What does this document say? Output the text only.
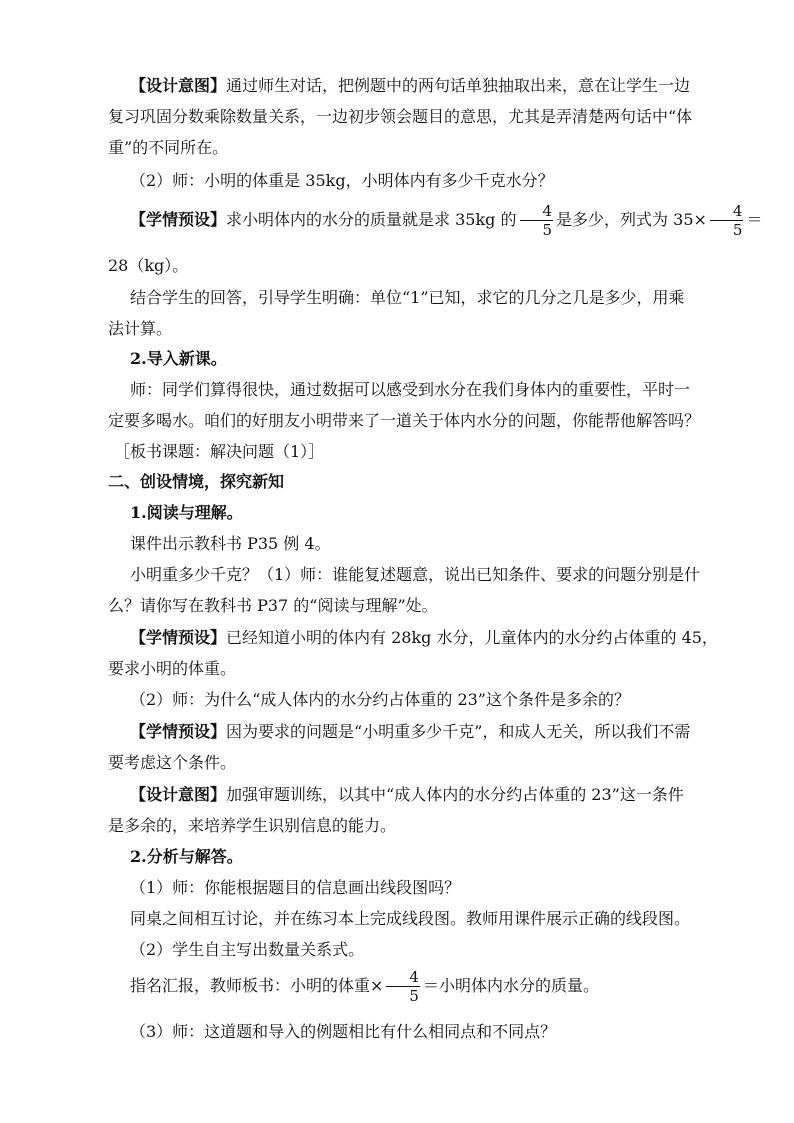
【设计意图】通过师生对话，把例题中的两句话单独抽取出来，意在让学生一边
复习巩固分数乘除数量关系，一边初步领会题目的意思，尤其是弄清楚两句话中“体
重”的不同所在。
（2）师：小明的体重是 35kg，小明体内有多少千克水分？
【学情预设】求小明体内的水分的质量就是求 35kg 的 $\frac{4}{5}$ 是多少，列式为 $35\times \frac{4}{5}$ ＝
28（kg）。
结合学生的回答，引导学生明确：单位“1”已知，求它的几分之几是多少，用乘
法计算。
2.导入新课。
师：同学们算得很快，通过数据可以感受到水分在我们身体内的重要性，平时一
定要多喝水。咱们的好朋友小明带来了一道关于体内水分的问题，你能帮他解答吗？
［板书课题：解决问题（1）］
二、创设情境，探究新知
1.阅读与理解。
课件出示教科书 P35 例 4。
小明重多少千克？（1）师：谁能复述题意，说出已知条件、要求的问题分别是什
么？请你写在教科书 P37 的“阅读与理解”处。
【学情预设】已经知道小明的体内有 28kg 水分，儿童体内的水分约占体重的 45，
要求小明的体重。
（2）师：为什么“成人体内的水分约占体重的 23”这个条件是多余的？
【学情预设】因为要求的问题是“小明重多少千克”，和成人无关，所以我们不需
要考虑这个条件。
【设计意图】加强审题训练，以其中“成人体内的水分约占体重的 23”这一条件
是多余的，来培养学生识别信息的能力。
2.分析与解答。
（1）师：你能根据题目的信息画出线段图吗？
同桌之间相互讨论，并在练习本上完成线段图。教师用课件展示正确的线段图。
（2）学生自主写出数量关系式。
指名汇报，教师板书：小明的体重× $\frac{4}{5}$ ＝小明体内水分的质量。
（3）师：这道题和导入的例题相比有什么相同点和不同点？
